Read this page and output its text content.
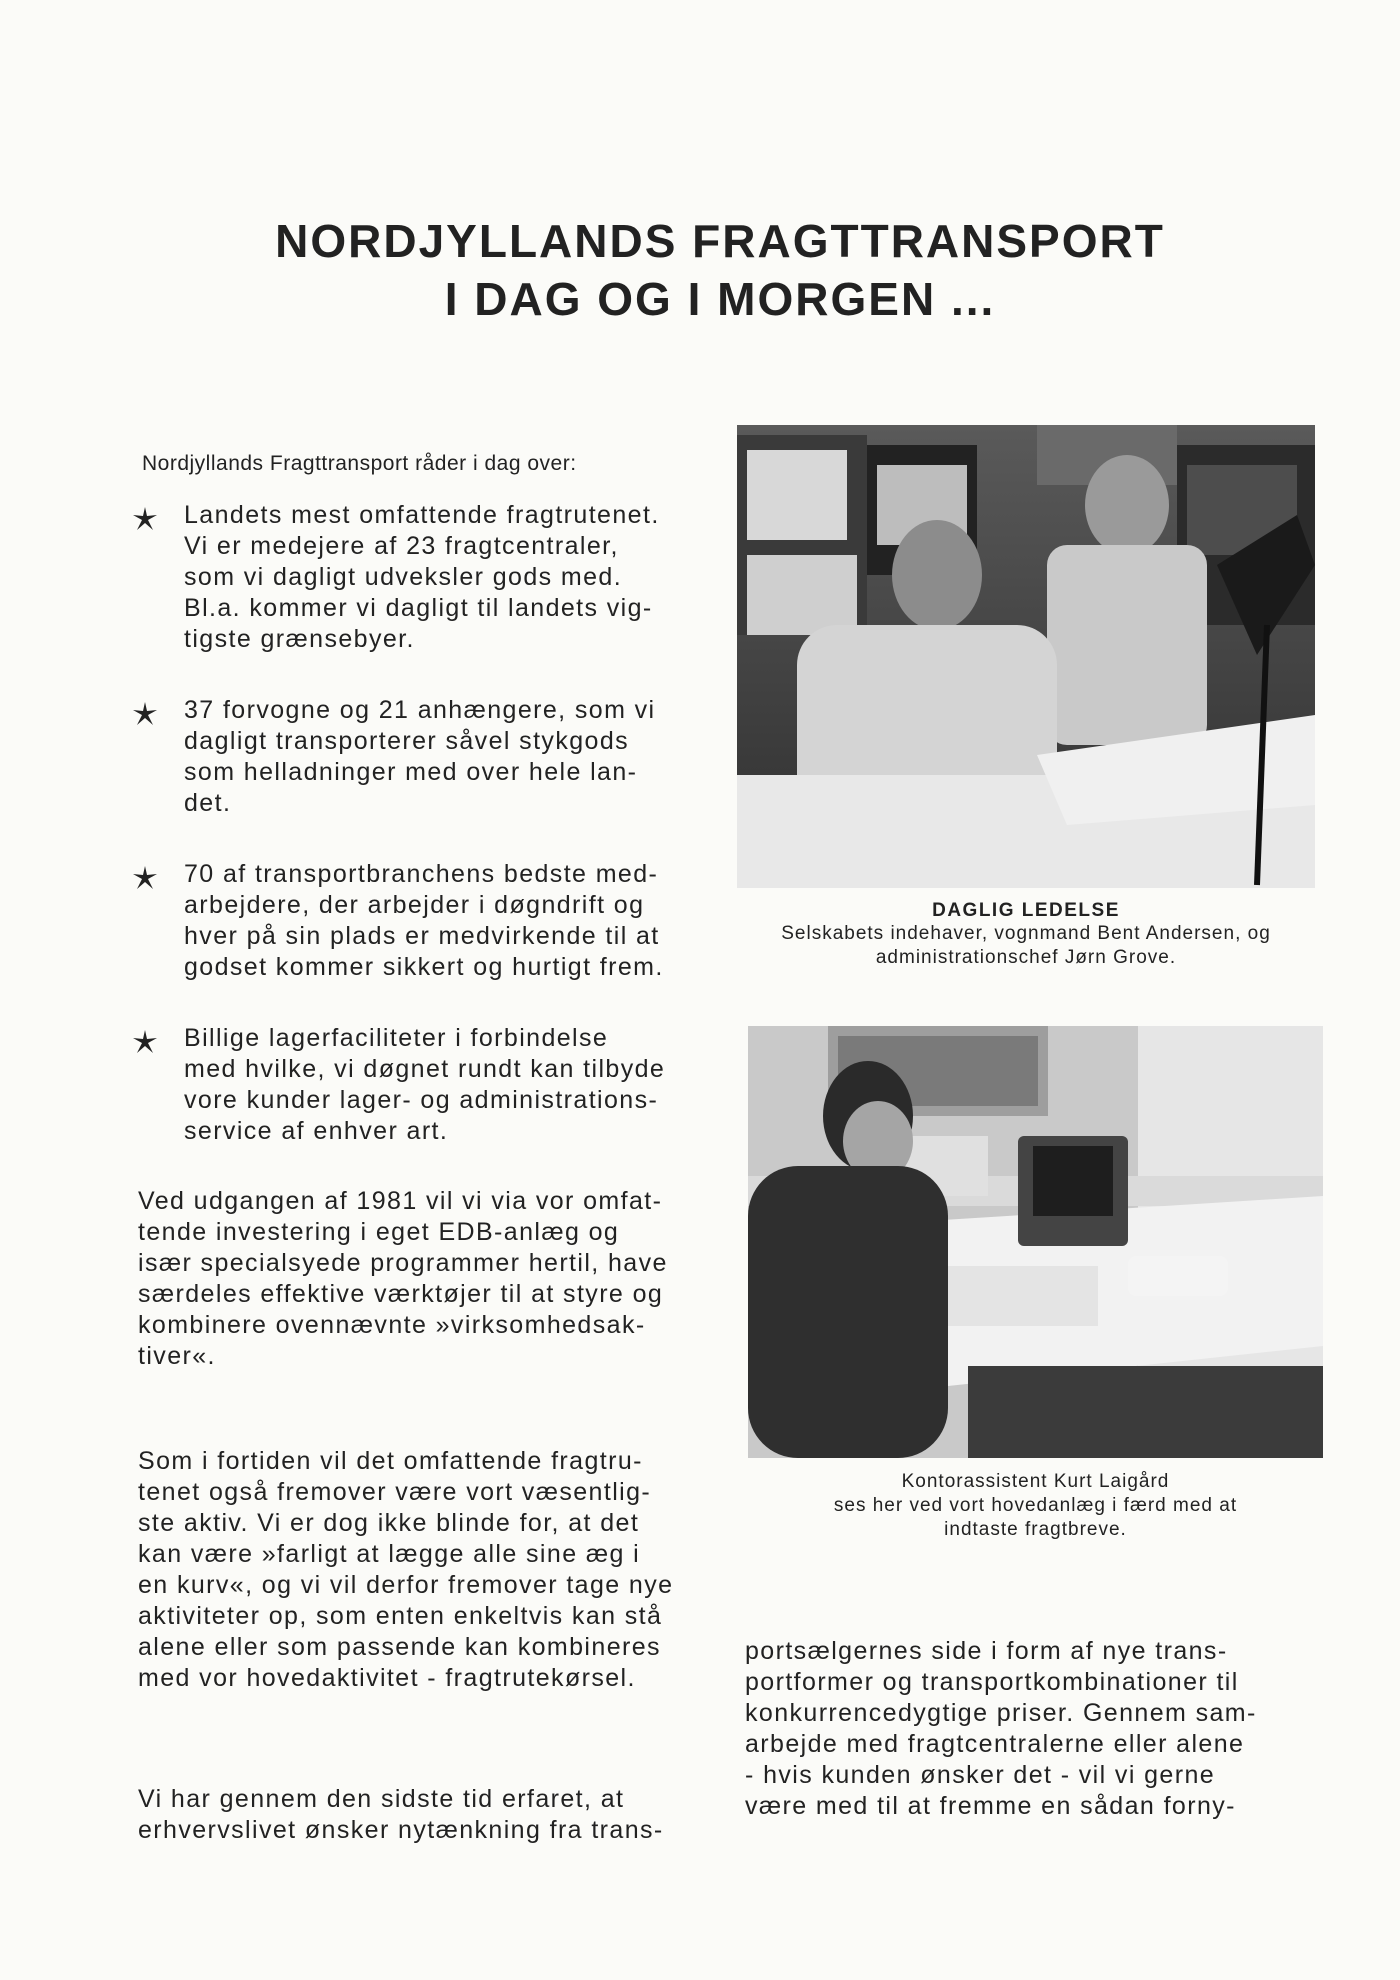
NORDJYLLANDS FRAGTTRANSPORT
I DAG OG I MORGEN ...
Nordjyllands Fragttransport råder i dag over:
Landets mest omfattende fragtrutenet.
Vi er medejere af 23 fragtcentraler,
som vi dagligt udveksler gods med.
Bl.a. kommer vi dagligt til landets vig-
tigste grænsebyer.
37 forvogne og 21 anhængere, som vi
dagligt transporterer såvel stykgods
som helladninger med over hele lan-
det.
70 af transportbranchens bedste med-
arbejdere, der arbejder i døgndrift og
hver på sin plads er medvirkende til at
godset kommer sikkert og hurtigt frem.
Billige lagerfaciliteter i forbindelse
med hvilke, vi døgnet rundt kan tilbyde
vore kunder lager- og administrations-
service af enhver art.
Ved udgangen af 1981 vil vi via vor omfat-
tende investering i eget EDB-anlæg og
især specialsyede programmer hertil, have
særdeles effektive værktøjer til at styre og
kombinere ovennævnte »virksomhedsak-
tiver«.
Som i fortiden vil det omfattende fragtru-
tenet også fremover være vort væsentlig-
ste aktiv. Vi er dog ikke blinde for, at det
kan være »farligt at lægge alle sine æg i
en kurv«, og vi vil derfor fremover tage nye
aktiviteter op, som enten enkeltvis kan stå
alene eller som passende kan kombineres
med vor hovedaktivitet - fragtrutekørsel.
Vi har gennem den sidste tid erfaret, at
erhvervslivet ønsker nytænkning fra trans-
DAGLIG LEDELSE
Selskabets indehaver, vognmand Bent Andersen, og
administrationschef Jørn Grove.
Kontorassistent Kurt Laigård
ses her ved vort hovedanlæg i færd med at
indtaste fragtbreve.
portsælgernes side i form af nye trans-
portformer og transportkombinationer til
konkurrencedygtige priser. Gennem sam-
arbejde med fragtcentralerne eller alene
- hvis kunden ønsker det - vil vi gerne
være med til at fremme en sådan forny-
